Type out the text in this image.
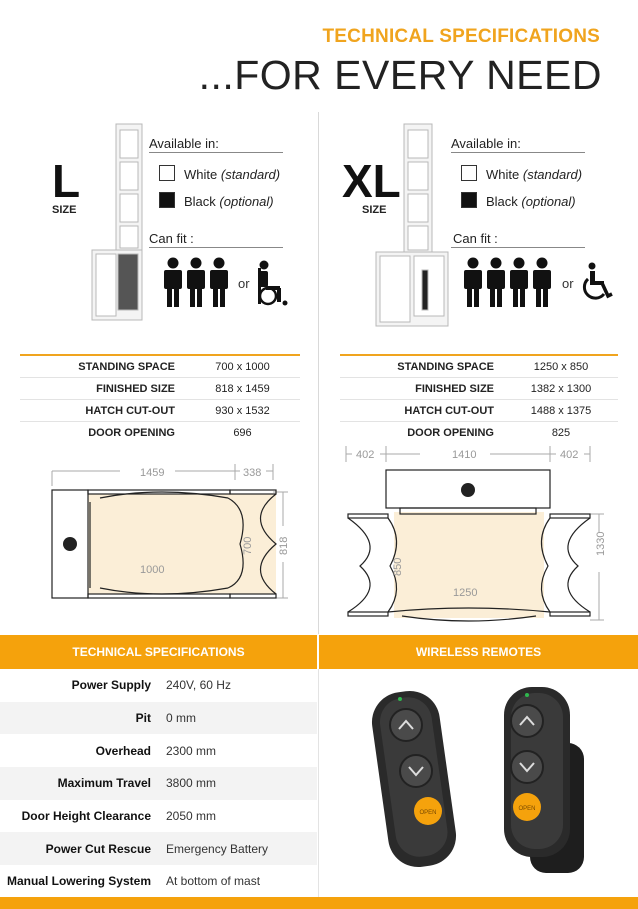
TECHNICAL SPECIFICATIONS
...FOR EVERY NEED
L
SIZE
Available in:
White (standard)
Black (optional)
Can fit :
or
STANDING SPACE	700 x 1000
FINISHED SIZE	818 x 1459
HATCH CUT-OUT	930 x 1532
DOOR OPENING	696
1459	338
1000
700 818
XL
SIZE
Available in:
White (standard)
Black (optional)
Can fit :
or
STANDING SPACE	1250 x 850
FINISHED SIZE	1382 x 1300
HATCH CUT-OUT	1488 x 1375
DOOR OPENING	825
402	1410	402
1250
850
1330
TECHNICAL SPECIFICATIONS	WIRELESS REMOTES
Power Supply	240V, 60 Hz
Pit	0 mm
Overhead	2300 mm
Maximum Travel	3800 mm
Door Height Clearance	2050 mm
Power Cut Rescue	Emergency Battery
Manual Lowering System	At bottom of mast
OPEN
OPEN
